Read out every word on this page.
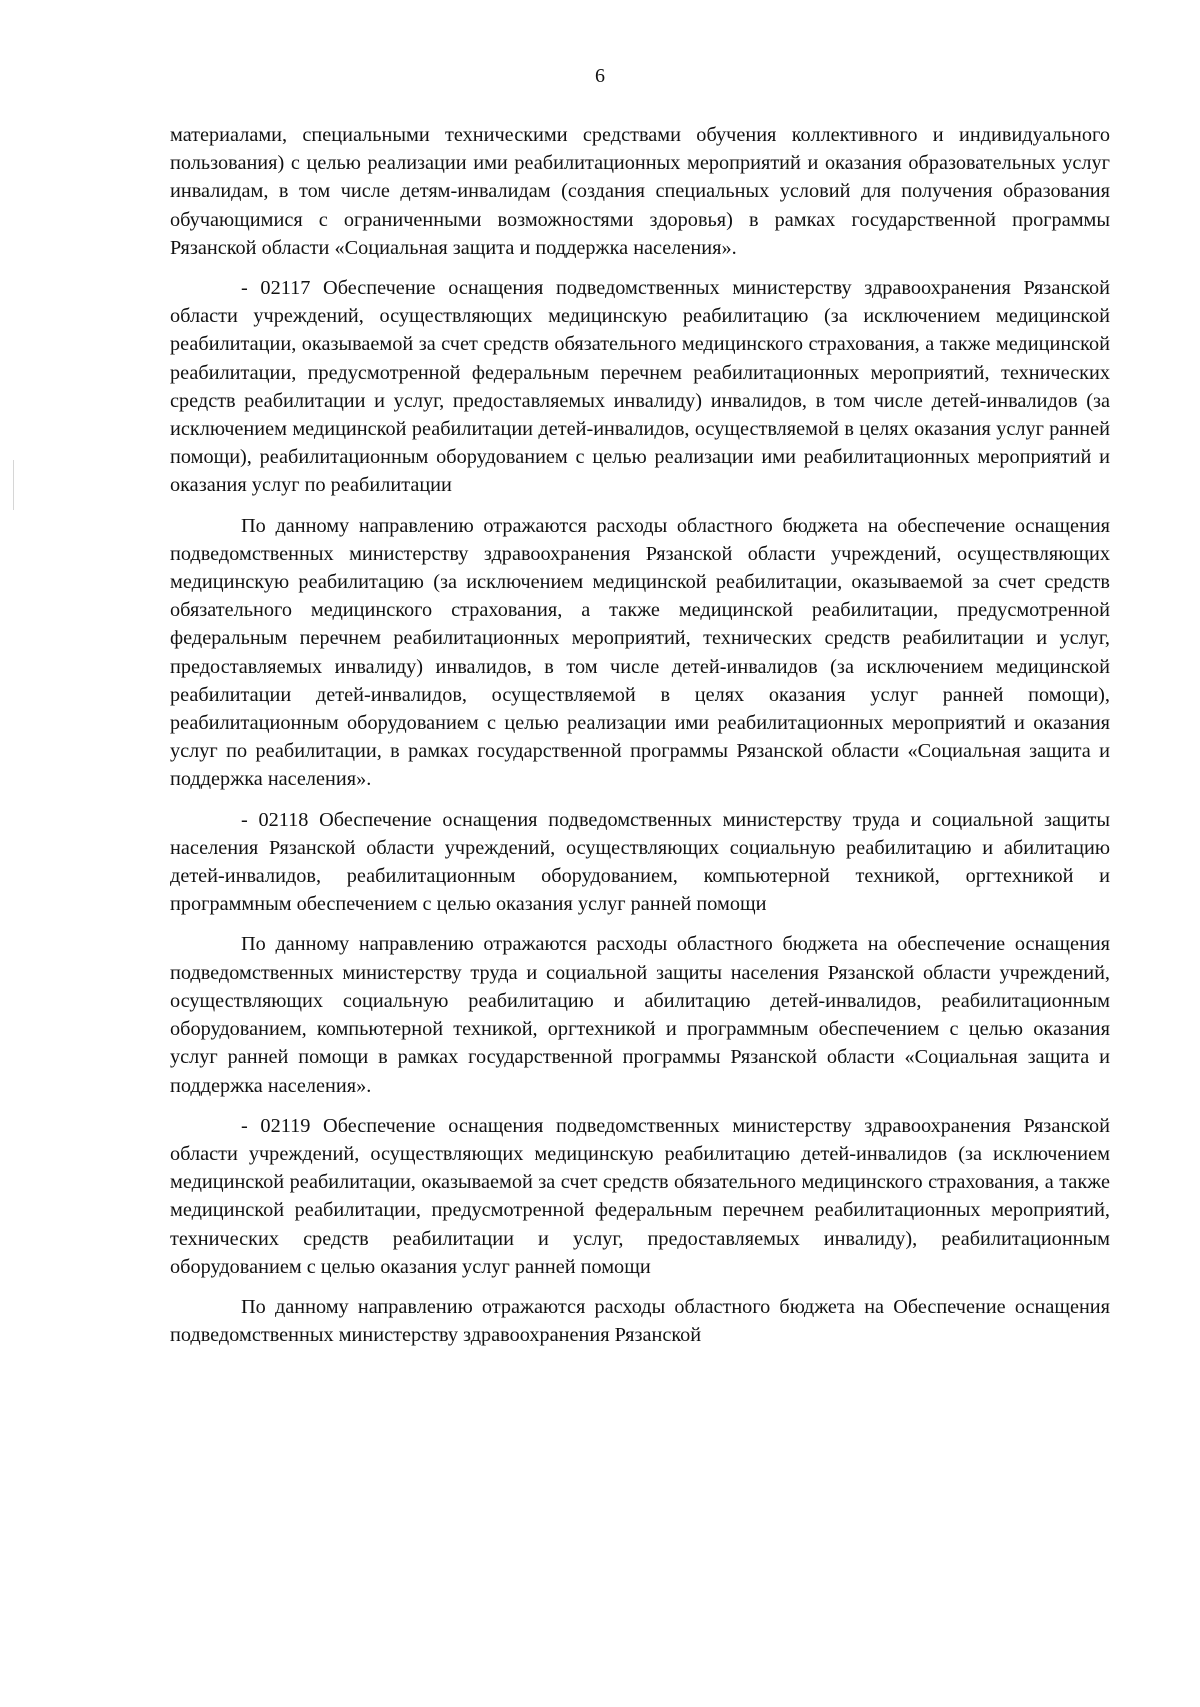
6

материалами, специальными техническими средствами обучения коллективного и индивидуального пользования) с целью реализации ими реабилитационных мероприятий и оказания образовательных услуг инвалидам, в том числе детям-инвалидам (создания специальных условий для получения образования обучающимися с ограниченными возможностями здоровья) в рамках государственной программы Рязанской области «Социальная защита и поддержка населения».

- 02117 Обеспечение оснащения подведомственных министерству здравоохранения Рязанской области учреждений, осуществляющих медицинскую реабилитацию (за исключением медицинской реабилитации, оказываемой за счет средств обязательного медицинского страхования, а также медицинской реабилитации, предусмотренной федеральным перечнем реабилитационных мероприятий, технических средств реабилитации и услуг, предоставляемых инвалиду) инвалидов, в том числе детей-инвалидов (за исключением медицинской реабилитации детей-инвалидов, осуществляемой в целях оказания услуг ранней помощи), реабилитационным оборудованием с целью реализации ими реабилитационных мероприятий и оказания услуг по реабилитации

По данному направлению отражаются расходы областного бюджета на обеспечение оснащения подведомственных министерству здравоохранения Рязанской области учреждений, осуществляющих медицинскую реабилитацию (за исключением медицинской реабилитации, оказываемой за счет средств обязательного медицинского страхования, а также медицинской реабилитации, предусмотренной федеральным перечнем реабилитационных мероприятий, технических средств реабилитации и услуг, предоставляемых инвалиду) инвалидов, в том числе детей-инвалидов (за исключением медицинской реабилитации детей-инвалидов, осуществляемой в целях оказания услуг ранней помощи), реабилитационным оборудованием с целью реализации ими реабилитационных мероприятий и оказания услуг по реабилитации, в рамках государственной программы Рязанской области «Социальная защита и поддержка населения».

- 02118 Обеспечение оснащения подведомственных министерству труда и социальной защиты населения Рязанской области учреждений, осуществляющих социальную реабилитацию и абилитацию детей-инвалидов, реабилитационным оборудованием, компьютерной техникой, оргтехникой и программным обеспечением с целью оказания услуг ранней помощи

По данному направлению отражаются расходы областного бюджета на обеспечение оснащения подведомственных министерству труда и социальной защиты населения Рязанской области учреждений, осуществляющих социальную реабилитацию и абилитацию детей-инвалидов, реабилитационным оборудованием, компьютерной техникой, оргтехникой и программным обеспечением с целью оказания услуг ранней помощи в рамках государственной программы Рязанской области «Социальная защита и поддержка населения».

- 02119 Обеспечение оснащения подведомственных министерству здравоохранения Рязанской области учреждений, осуществляющих медицинскую реабилитацию детей-инвалидов (за исключением медицинской реабилитации, оказываемой за счет средств обязательного медицинского страхования, а также медицинской реабилитации, предусмотренной федеральным перечнем реабилитационных мероприятий, технических средств реабилитации и услуг, предоставляемых инвалиду), реабилитационным оборудованием с целью оказания услуг ранней помощи

По данному направлению отражаются расходы областного бюджета на Обеспечение оснащения подведомственных министерству здравоохранения Рязанской
